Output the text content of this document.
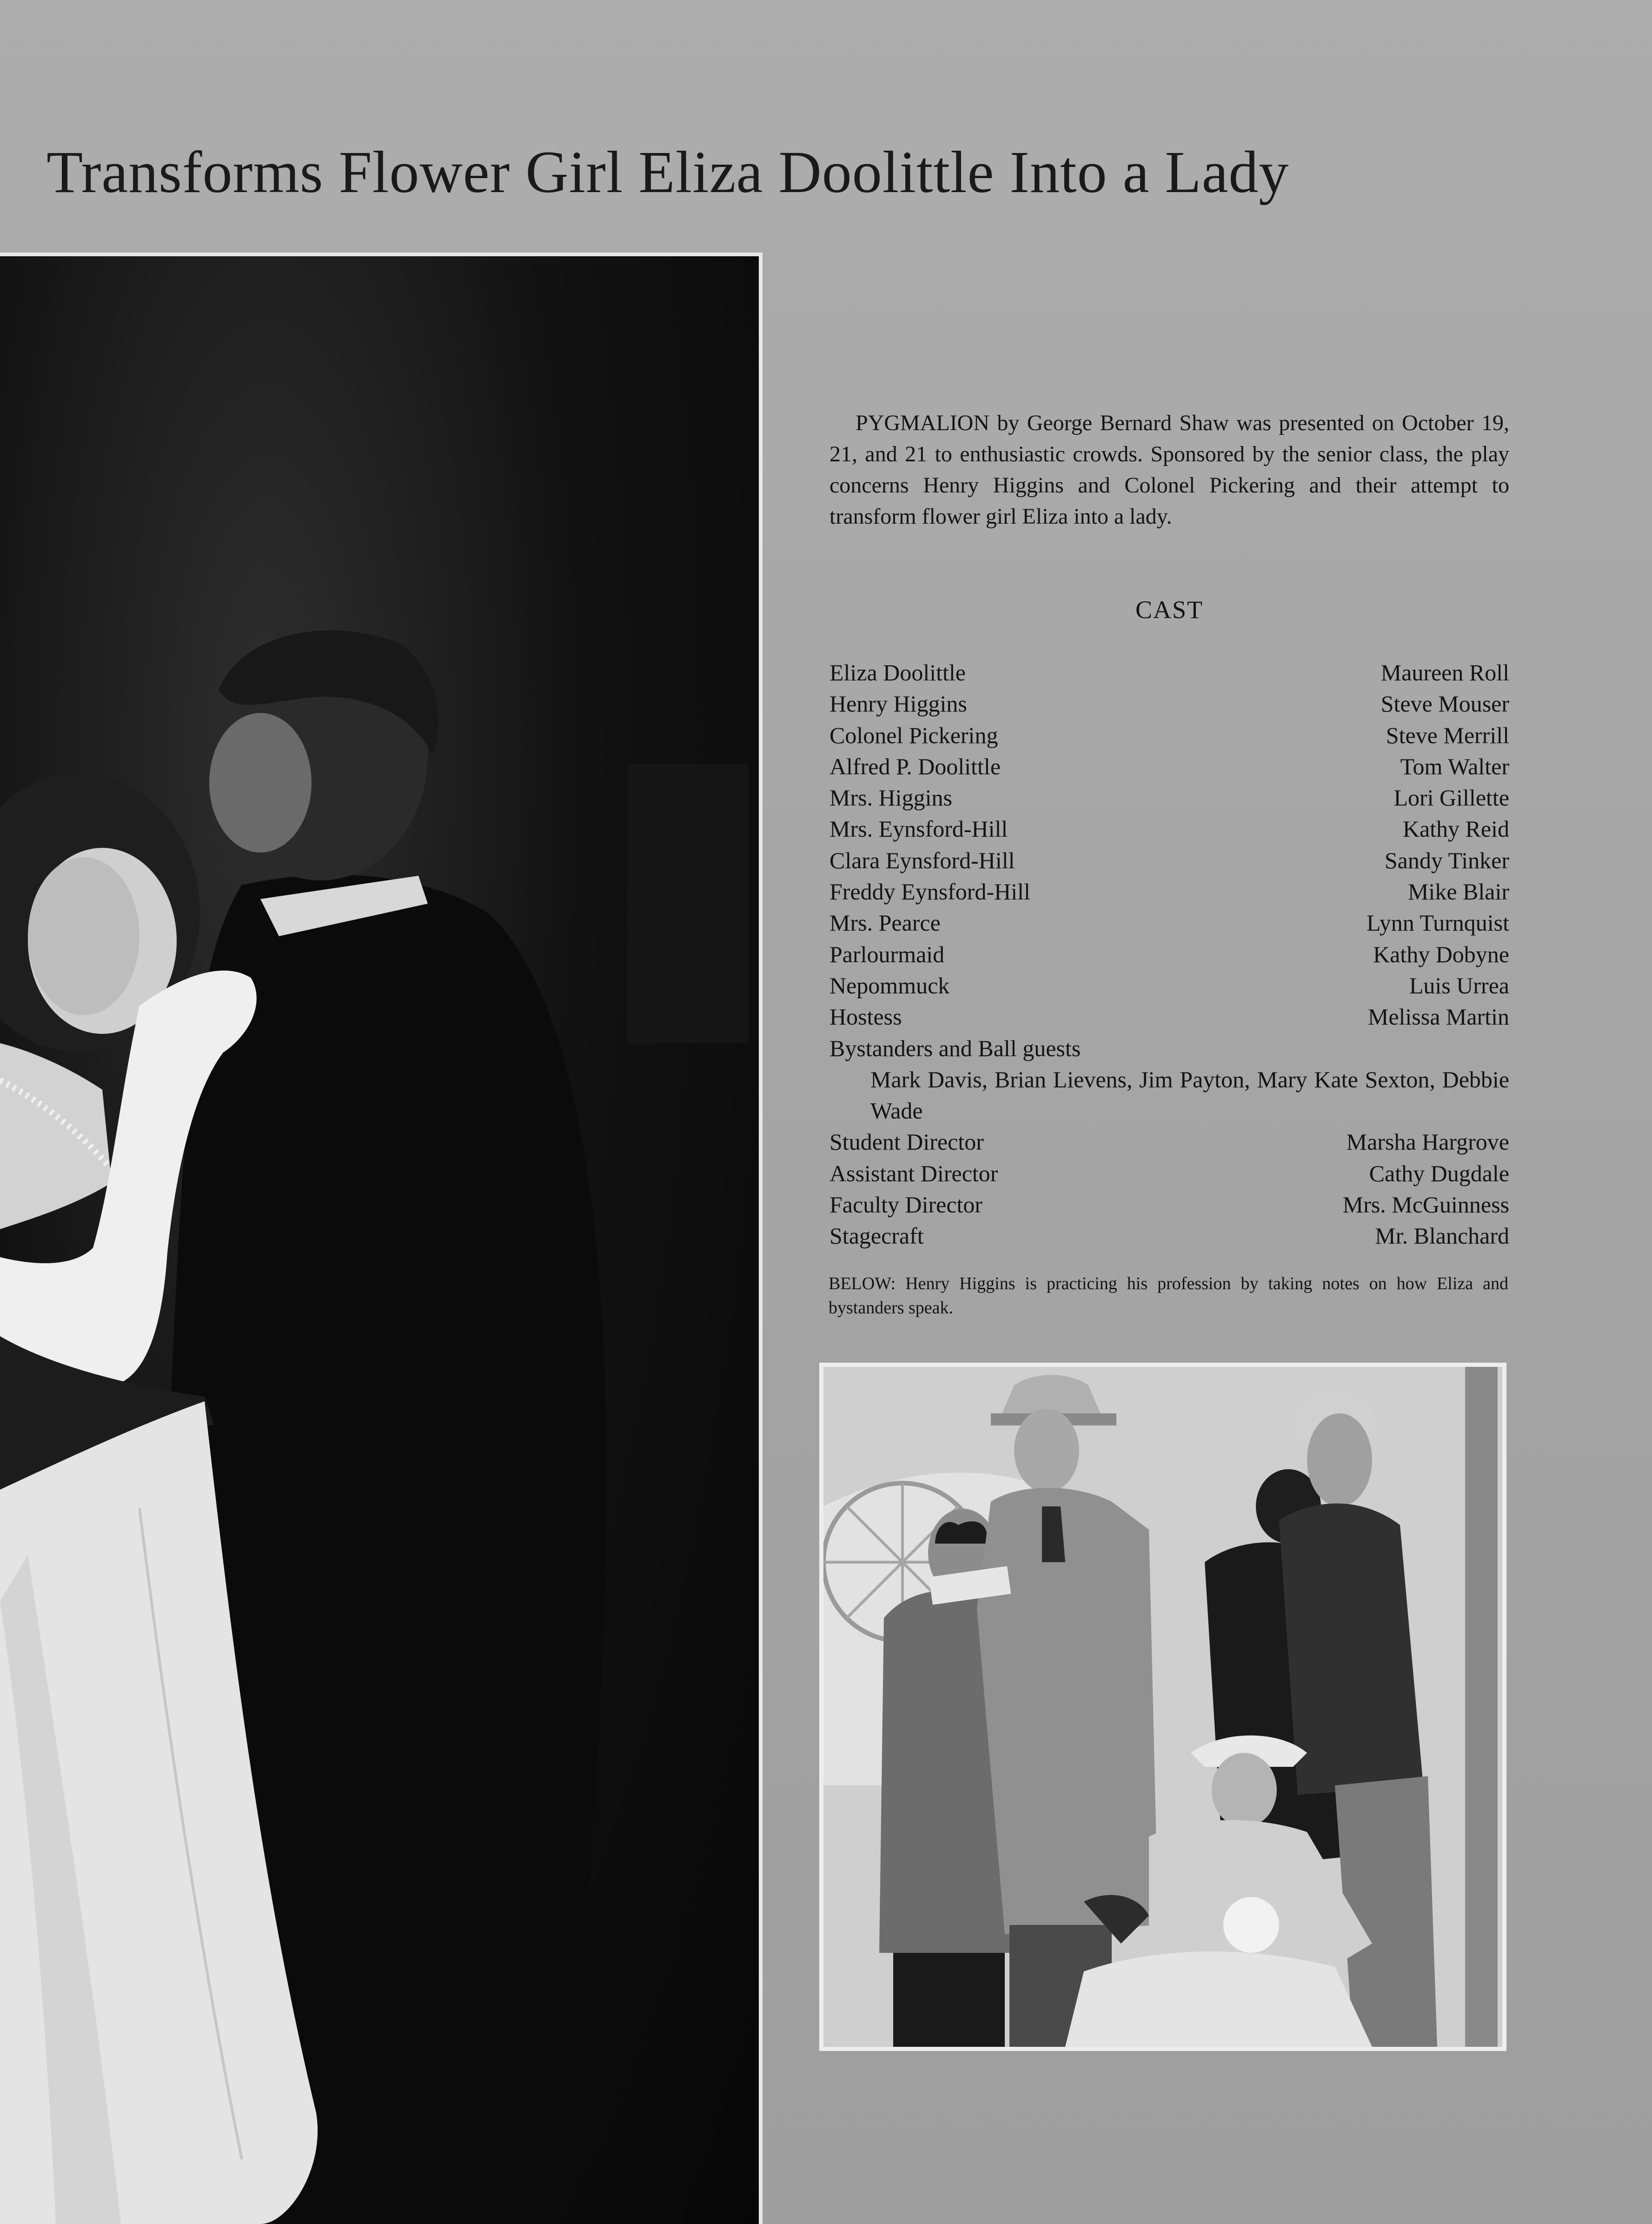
Transforms Flower Girl Eliza Doolittle Into a Lady

PYGMALION by George Bernard Shaw was presented on October 19, 21, and 21 to enthusiastic crowds. Sponsored by the senior class, the play concerns Henry Higgins and Colonel Pickering and their attempt to transform flower girl Eliza into a lady.

CAST
Eliza Doolittle	Maureen Roll
Henry Higgins	Steve Mouser
Colonel Pickering	Steve Merrill
Alfred P. Doolittle	Tom Walter
Mrs. Higgins	Lori Gillette
Mrs. Eynsford-Hill	Kathy Reid
Clara Eynsford-Hill	Sandy Tinker
Freddy Eynsford-Hill	Mike Blair
Mrs. Pearce	Lynn Turnquist
Parlourmaid	Kathy Dobyne
Nepommuck	Luis Urrea
Hostess	Melissa Martin
Bystanders and Ball guests
Mark Davis, Brian Lievens, Jim Payton, Mary Kate Sexton, Debbie Wade
Student Director	Marsha Hargrove
Assistant Director	Cathy Dugdale
Faculty Director	Mrs. McGuinness
Stagecraft	Mr. Blanchard

BELOW: Henry Higgins is practicing his profession by taking notes on how Eliza and bystanders speak.
